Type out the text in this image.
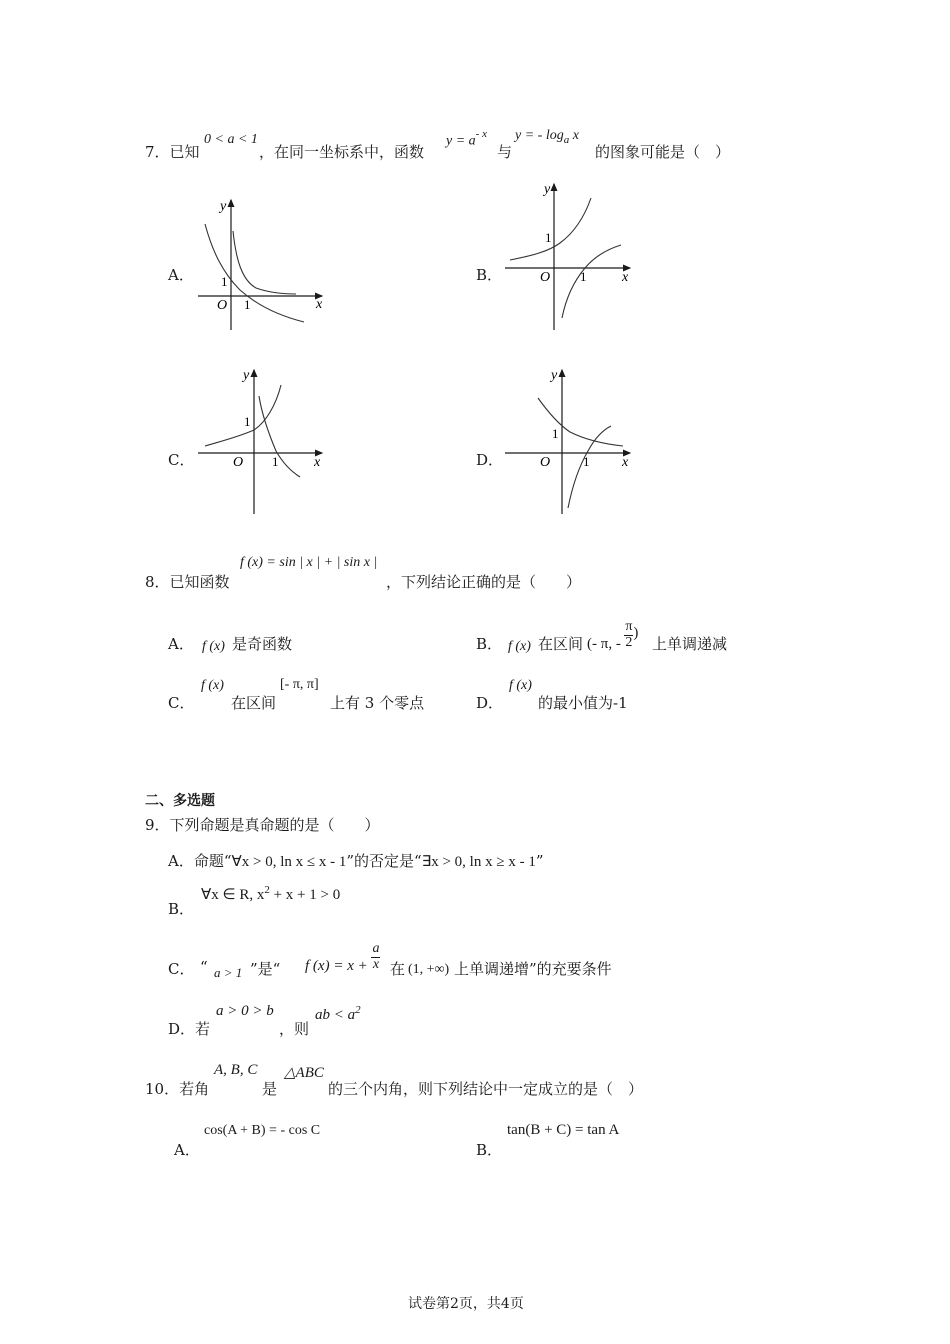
7．已知
0 < a < 1
，在同一坐标系中，函数
$y = a^{- x}$
与
y = - $\log_a x$
的图象可能是（　）
A．
y
x
O
1
1
B．
y
x
O
1
1
C．
y
x
O
1
1	D．
y
x
O
1
1
8．已知函数
f (x) = sin | x | + | sin x |
，下列结论正确的是（　　）
A． f (x) 是奇函数	B． f (x) 在区间 (- π, - $\frac{\pi}{2}$ )
上单调递减
C．
f (x)
在区间
[- π, π]
上有 3 个零点	D．
f (x)
的最小值为-1
二、多选题
9．下列命题是真命题的是（　　）
A．命题“∀x > 0, ln x ≤ x - 1”的否定是“∃x > 0, ln x ≥ x - 1”
B．
∀x ∈ R, $x^2 + x + 1 > 0$
C． “ a > 1 ”是“ f $(x) = x + \frac{a}{x}$ 在 (1, +∞) 上单调递增”的充要条件
D．若
a > 0 > b
，则
ab < $a^2$
10．若角
A, B, C
是
△ABC
的三个内角，则下列结论中一定成立的是（　）
A．
cos(A + B) = - cos C
B．
tan(B + C) = tan A
试卷第2页，共4页
